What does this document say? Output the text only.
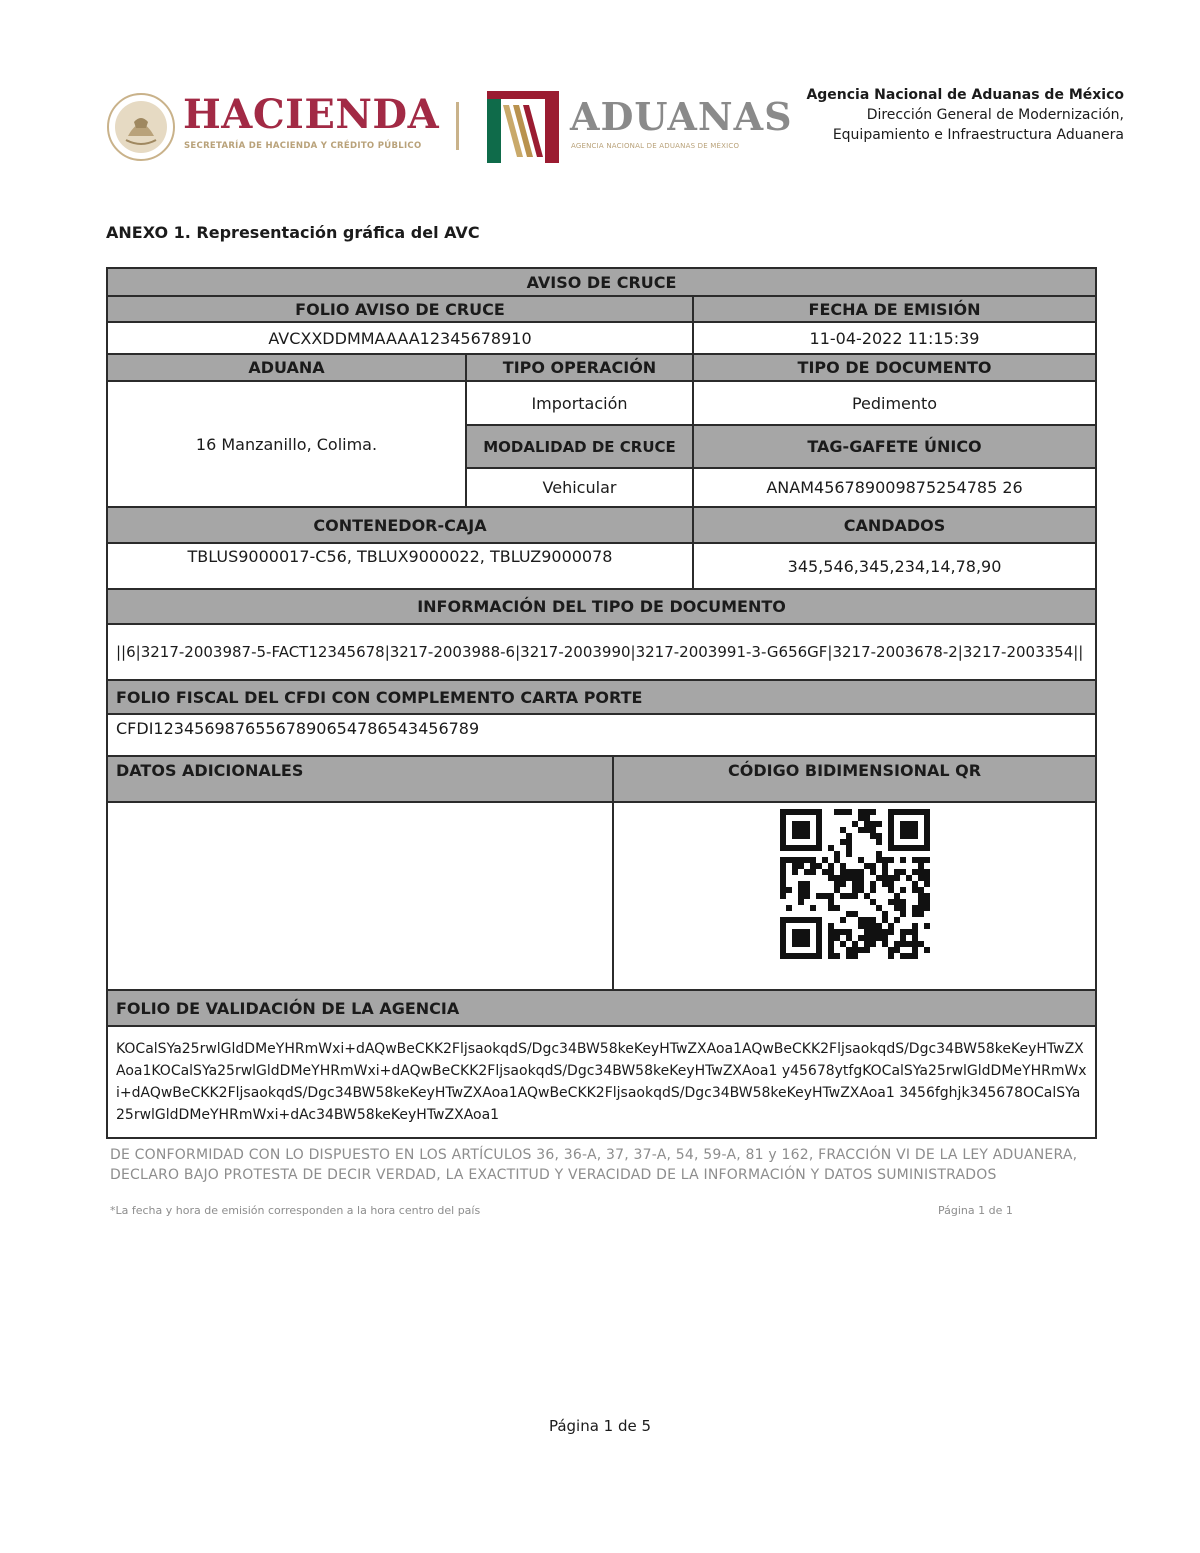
HACIENDA
SECRETARÍA DE HACIENDA Y CRÉDITO PÚBLICO
ADUANAS
AGENCIA NACIONAL DE ADUANAS DE MÉXICO
Agencia Nacional de Aduanas de México
Dirección General de Modernización,
Equipamiento e Infraestructura Aduanera
ANEXO 1. Representación gráfica del AVC
AVISO DE CRUCE			
FOLIO AVISO DE CRUCE			FECHA DE EMISIÓN
AVCXXDDMMAAAA12345678910			11-04-2022 11:15:39
ADUANA	TIPO OPERACIÓN		TIPO DE DOCUMENTO
16 Manzanillo, Colima.	Importación		Pedimento
	MODALIDAD DE CRUCE		TAG-GAFETE ÚNICO
	Vehicular		ANAM456789009875254785 26
CONTENEDOR-CAJA			CANDADOS
TBLUS9000017-C56, TBLUX9000022, TBLUZ9000078			345,546,345,234,14,78,90
INFORMACIÓN DEL TIPO DE DOCUMENTO			
||6|3217-2003987-5-FACT12345678|3217-2003988-6|3217-2003990|3217-2003991-3-G656GF|3217-2003678-2|3217-2003354||			
FOLIO FISCAL DEL CFDI CON COMPLEMENTO CARTA PORTE			
CFDI12345698765567890654786543456789			
DATOS ADICIONALES		CÓDIGO BIDIMENSIONAL QR	

FOLIO DE VALIDACIÓN DE LA AGENCIA			
KOCalSYa25rwlGldDMeYHRmWxi+dAQwBeCKK2FljsaokqdS/Dgc34BW58keKeyHTwZXAoa1AQwBeCKK2FljsaokqdS/Dgc34BW58keKeyHTwZXAoa1KOCalSYa25rwlGldDMeYHRmWxi+dAQwBeCKK2FljsaokqdS/Dgc34BW58keKeyHTwZXAoa1 y45678ytfgKOCalSYa25rwlGldDMeYHRmWxi+dAQwBeCKK2FljsaokqdS/Dgc34BW58keKeyHTwZXAoa1AQwBeCKK2FljsaokqdS/Dgc34BW58keKeyHTwZXAoa1 3456fghjk345678OCalSYa25rwlGldDMeYHRmWxi+dAc34BW58keKeyHTwZXAoa1			
DE CONFORMIDAD CON LO DISPUESTO EN LOS ARTÍCULOS 36, 36-A, 37, 37-A, 54, 59-A, 81 y 162, FRACCIÓN VI DE LA LEY ADUANERA, DECLARO BAJO PROTESTA DE DECIR VERDAD, LA EXACTITUD Y VERACIDAD DE LA INFORMACIÓN Y DATOS SUMINISTRADOS
*La fecha y hora de emisión corresponden a la hora centro del país	Página 1 de 1
Página 1 de 5
